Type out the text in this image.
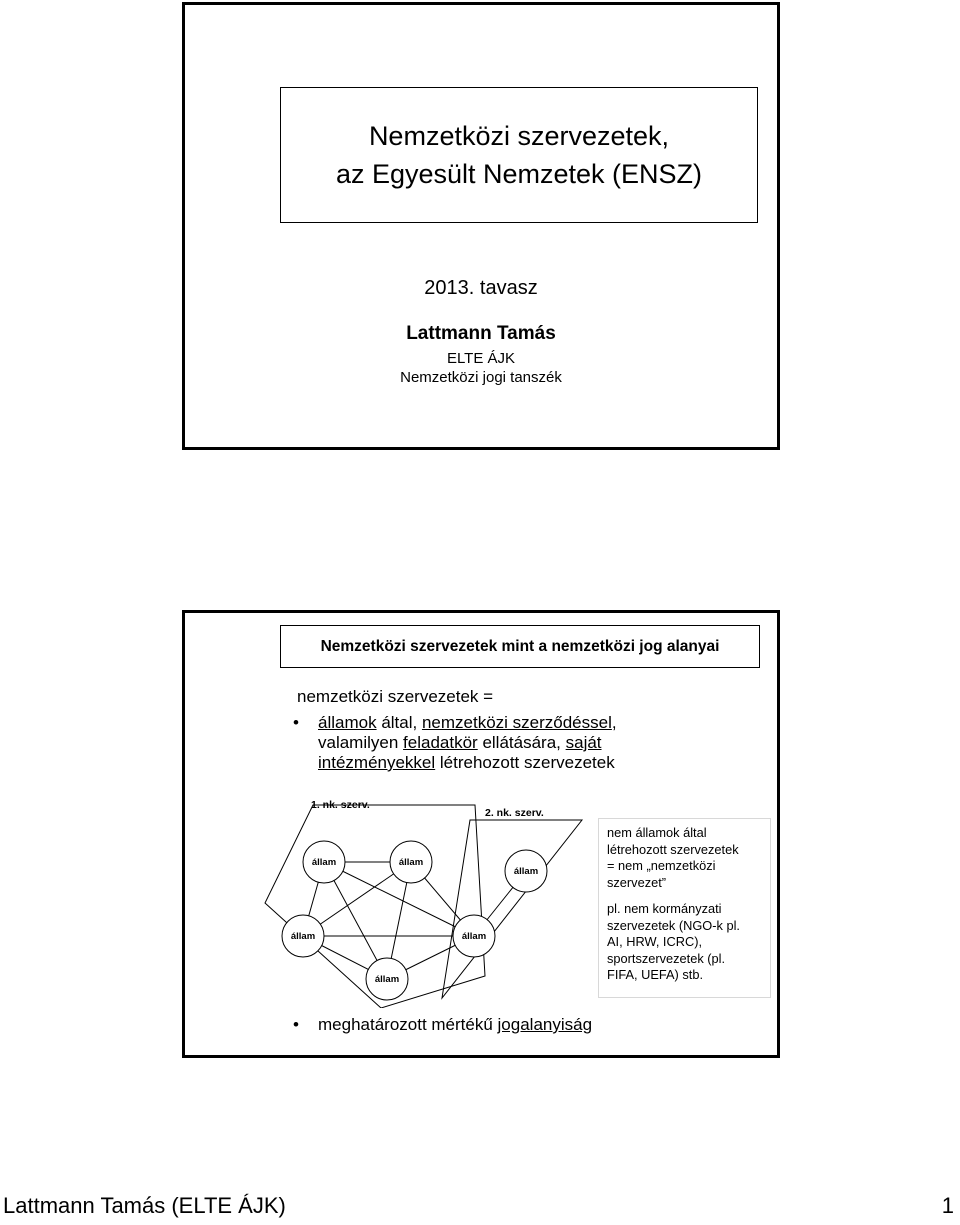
Nemzetközi szervezetek,
az Egyesült Nemzetek (ENSZ)
2013. tavasz
Lattmann Tamás
ELTE ÁJK
Nemzetközi jogi tanszék
Nemzetközi szervezetek mint a nemzetközi jog alanyai
nemzetközi szervezetek =
• államok által, nemzetközi szerződéssel,
valamilyen feladatkör ellátására, saját
intézményekkel létrehozott szervezetek
állam	állam
állam
állam	állam
állam
1. nk. szerv.
2. nk. szerv.
nem államok által
létrehozott szervezetek
= nem „nemzetközi
szervezet”
pl. nem kormányzati
szervezetek (NGO-k pl.
AI, HRW, ICRC),
sportszervezetek (pl.
FIFA, UEFA) stb.
• meghatározott mértékű jogalanyiság
Lattmann Tamás (ELTE ÁJK)	1
